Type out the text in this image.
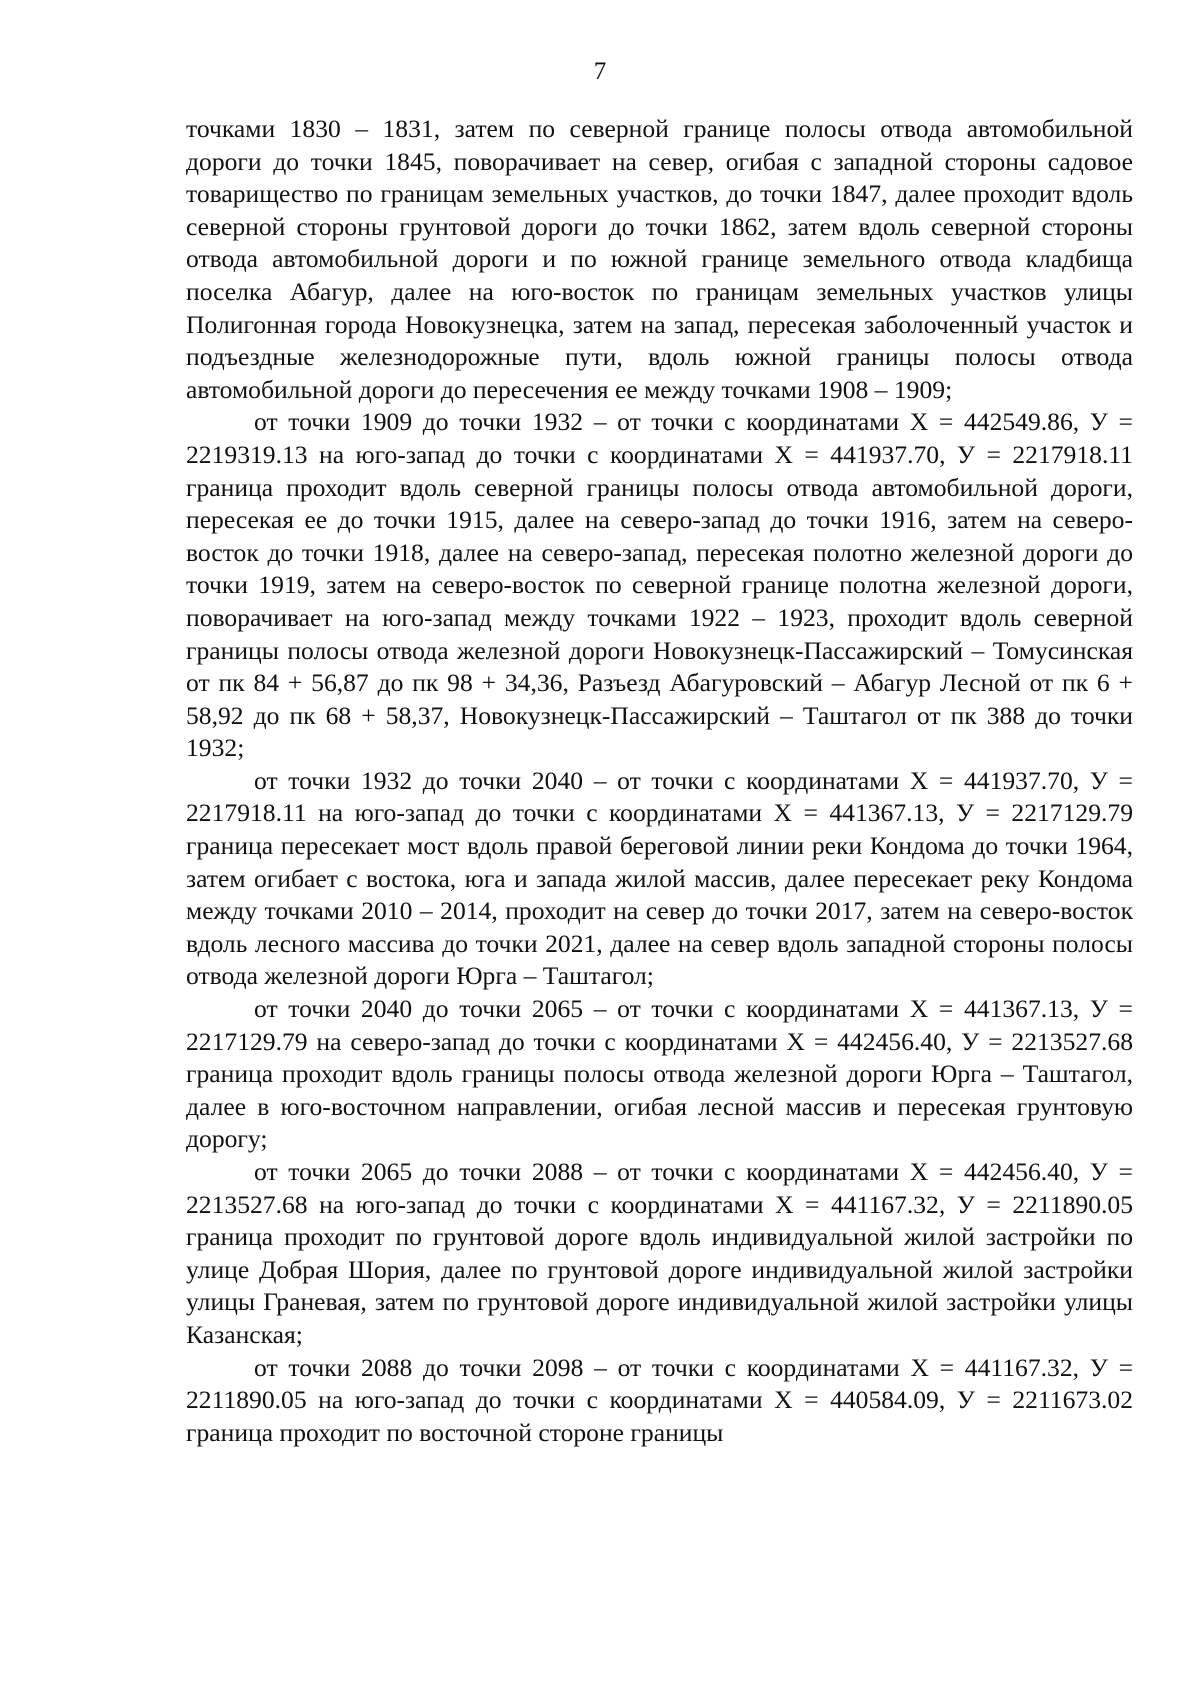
7

точками 1830 – 1831, затем по северной границе полосы отвода автомобильной дороги до точки 1845, поворачивает на север, огибая с западной стороны садовое товарищество по границам земельных участков, до точки 1847, далее проходит вдоль северной стороны грунтовой дороги до точки 1862, затем вдоль северной стороны отвода автомобильной дороги и по южной границе земельного отвода кладбища поселка Абагур, далее на юго-восток по границам земельных участков улицы Полигонная города Новокузнецка, затем на запад, пересекая заболоченный участок и подъездные железнодорожные пути, вдоль южной границы полосы отвода автомобильной дороги до пересечения ее между точками 1908 – 1909;

от точки 1909 до точки 1932 – от точки с координатами Х = 442549.86, У = 2219319.13 на юго-запад до точки с координатами Х = 441937.70, У = 2217918.11 граница проходит вдоль северной границы полосы отвода автомобильной дороги, пересекая ее до точки 1915, далее на северо-запад до точки 1916, затем на северо-восток до точки 1918, далее на северо-запад, пересекая полотно железной дороги до точки 1919, затем на северо-восток по северной границе полотна железной дороги, поворачивает на юго-запад между точками 1922 – 1923, проходит вдоль северной границы полосы отвода железной дороги Новокузнецк-Пассажирский – Томусинская от пк 84 + 56,87 до пк 98 + 34,36, Разъезд Абагуровский – Абагур Лесной от пк 6 + 58,92 до пк 68 + 58,37, Новокузнецк-Пассажирский – Таштагол от пк 388 до точки 1932;

от точки 1932 до точки 2040 – от точки с координатами Х = 441937.70, У = 2217918.11 на юго-запад до точки с координатами Х = 441367.13, У = 2217129.79 граница пересекает мост вдоль правой береговой линии реки Кондома до точки 1964, затем огибает с востока, юга и запада жилой массив, далее пересекает реку Кондома между точками 2010 – 2014, проходит на север до точки 2017, затем на северо-восток вдоль лесного массива до точки 2021, далее на север вдоль западной стороны полосы отвода железной дороги Юрга – Таштагол;

от точки 2040 до точки 2065 – от точки с координатами Х = 441367.13, У = 2217129.79 на северо-запад до точки с координатами Х = 442456.40, У = 2213527.68 граница проходит вдоль границы полосы отвода железной дороги Юрга – Таштагол, далее в юго-восточном направлении, огибая лесной массив и пересекая грунтовую дорогу;

от точки 2065 до точки 2088 – от точки с координатами Х = 442456.40, У = 2213527.68 на юго-запад до точки с координатами Х = 441167.32, У = 2211890.05 граница проходит по грунтовой дороге вдоль индивидуальной жилой застройки по улице Добрая Шория, далее по грунтовой дороге индивидуальной жилой застройки улицы Граневая, затем по грунтовой дороге индивидуальной жилой застройки улицы Казанская;

от точки 2088 до точки 2098 – от точки с координатами Х = 441167.32, У = 2211890.05 на юго-запад до точки с координатами Х = 440584.09, У = 2211673.02 граница проходит по восточной стороне границы
